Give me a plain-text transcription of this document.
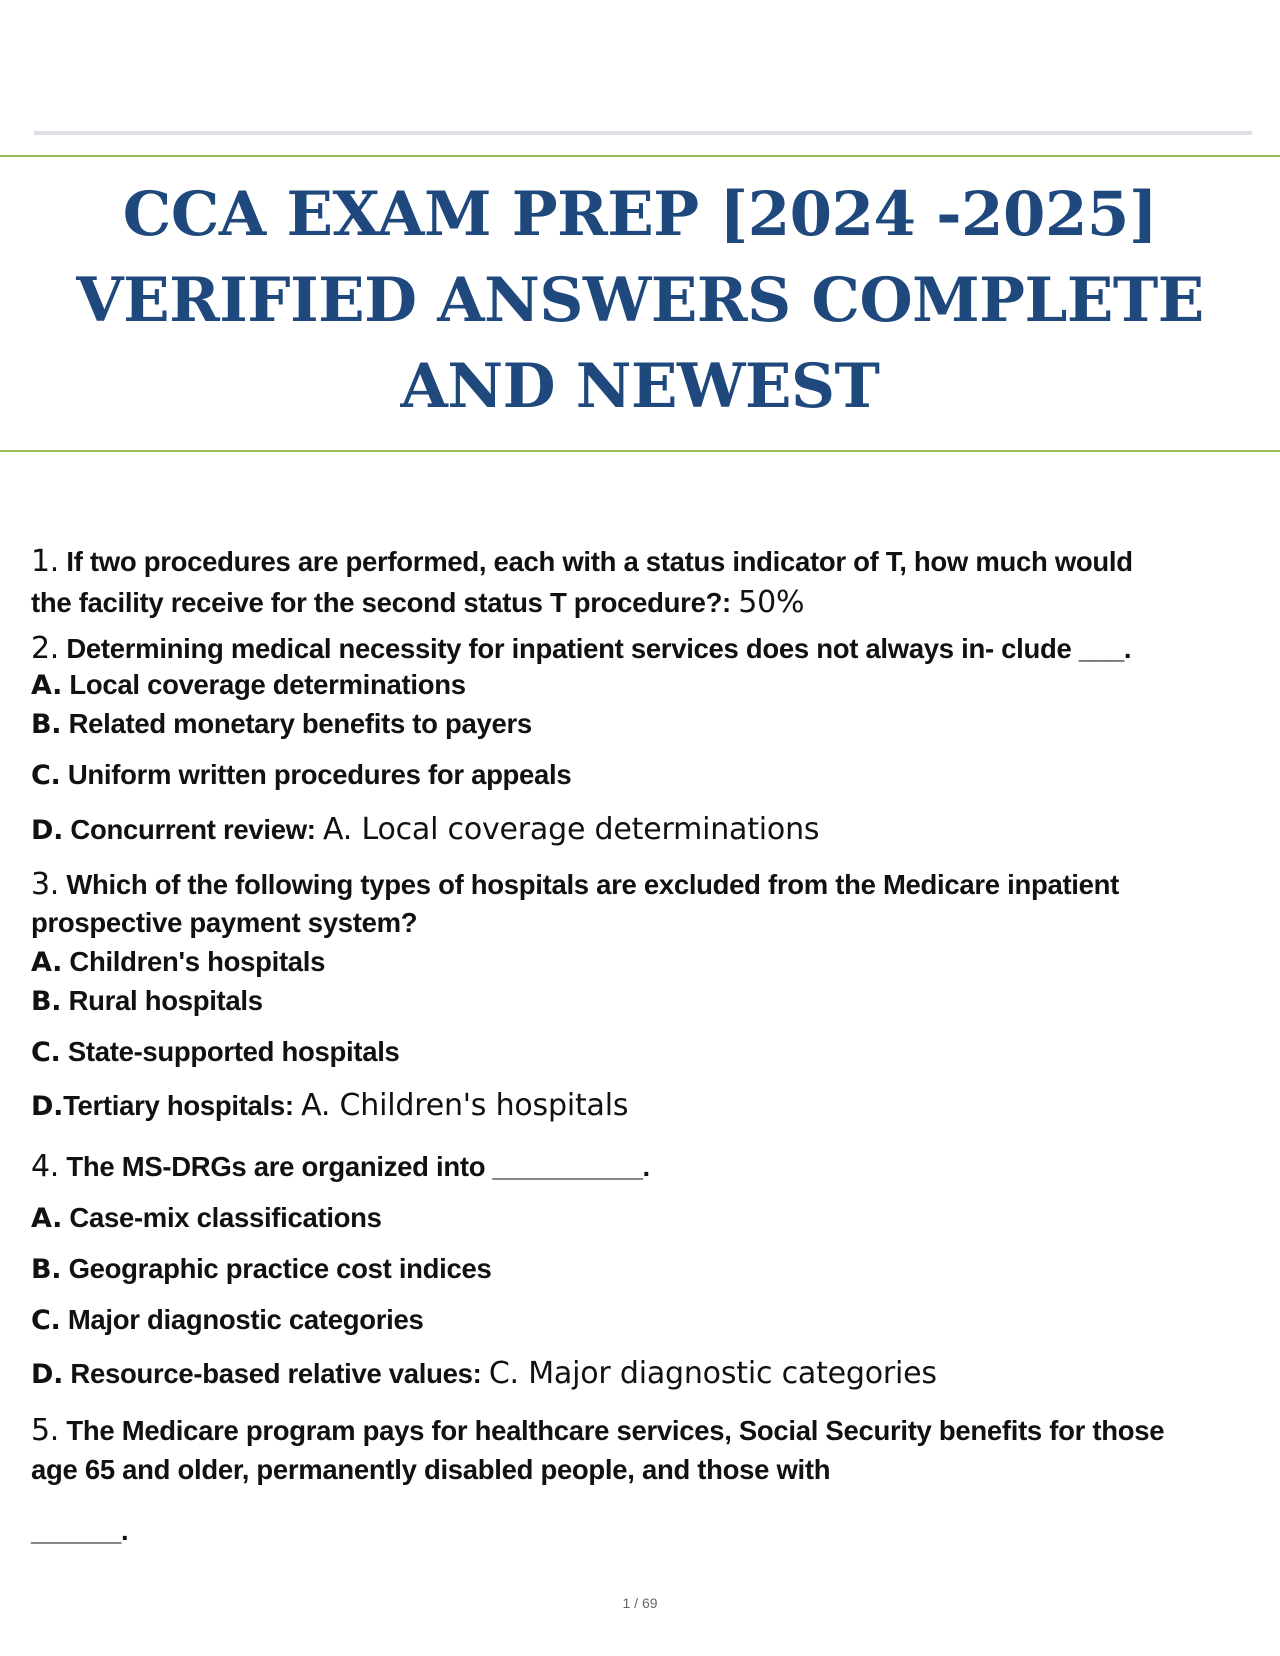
CCA EXAM PREP [2024 -2025]
VERIFIED ANSWERS COMPLETE
AND NEWEST
1. If two procedures are performed, each with a status indicator of T, how much would
the facility receive for the second status T procedure?: 50%
2. Determining medical necessity for inpatient services does not always in- clude ___.
A. Local coverage determinations
B. Related monetary benefits to payers
C. Uniform written procedures for appeals
D. Concurrent review: A. Local coverage determinations
3. Which of the following types of hospitals are excluded from the Medicare inpatient
prospective payment system?
A. Children's hospitals
B. Rural hospitals
C. State-supported hospitals
D.Tertiary hospitals: A. Children's hospitals
4. The MS-DRGs are organized into __________.
A. Case-mix classifications
B. Geographic practice cost indices
C. Major diagnostic categories
D. Resource-based relative values: C. Major diagnostic categories
5. The Medicare program pays for healthcare services, Social Security benefits for those
age 65 and older, permanently disabled people, and those with
______.
1 / 69
